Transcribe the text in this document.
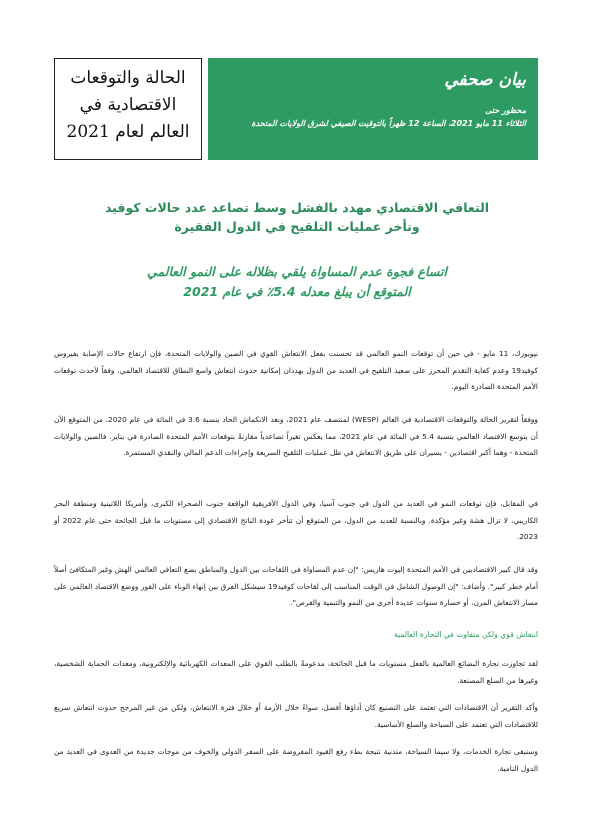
بيان صحفي
محظور حتى
الثلاثاء 11 مايو 2021، الساعة 12 ظهراً بالتوقيت الصيفي لشرق الولايات المتحدة
الحالة والتوقعات
الاقتصادية في
العالم لعام 2021
التعافي الاقتصادي مهدد بالفشل وسط تصاعد عدد حالات كوفيد
وتأخر عمليات التلقيح في الدول الفقيرة
اتساع فجوة عدم المساواة يلقي بظلاله على النمو العالمي
المتوقع أن يبلغ معدله 5.4٪ في عام 2021

نيويورك، 11 مايو - في حين أن توقعات النمو العالمي قد تحسنت بفعل الانتعاش القوي في الصين والولايات المتحدة، فإن ارتفاع حالات الإصابة بفيروس كوفيد19 وعدم كفاية التقدم المحرز على صعيد التلقيح في العديد من الدول يهددان إمكانية حدوث انتعاش واسع النطاق للاقتصاد العالمي، وفقاً لأحدث توقعات الأمم المتحدة الصادرة اليوم.

ووفقاً لتقرير الحالة والتوقعات الاقتصادية في العالم (WESP) لمنتصف عام 2021، وبعد الانكماش الحاد بنسبة 3.6 في المائة في عام 2020، من المتوقع الآن أن يتوسع الاقتصاد العالمي بنسبة 5.4 في المائة في عام 2021، مما يعكس تغيراً تصاعدياً مقارنةً بتوقعات الأمم المتحدة الصادرة في يناير. فالصين والولايات المتحدة - وهما أكبر اقتصادين - يسيران على طريق الانتعاش في ظل عمليات التلقيح السريعة وإجراءات الدعم المالي والنقدي المستمرة.

في المقابل، فإن توقعات النمو في العديد من الدول في جنوب آسيا، وفي الدول الأفريقية الواقعة جنوب الصحراء الكبرى، وأمريكا اللاتينية ومنطقة البحر الكاريبي، لا تزال هشة وغير مؤكدة. وبالنسبة للعديد من الدول، من المتوقع أن تتأخر عودة الناتج الاقتصادي إلى مستويات ما قبل الجائحة حتى عام 2022 أو 2023.

وقد قال كبير الاقتصاديين في الأمم المتحدة إليوت هاريس: "إن عدم المساواة في اللقاحات بين الدول والمناطق يضع التعافي العالمي الهش وغير المتكافئ أصلاً أمام خطر كبير". وأضاف: "إن الوصول الشامل في الوقت المناسب إلى لقاحات كوفيد19 سيشكل الفرق بين إنهاء الوباء على الفور ووضع الاقتصاد العالمي على مسار الانتعاش المرن، أو خسارة سنوات عديدة أخرى من النمو والتنمية والفرص".

انتعاش قوي ولكن متفاوت في التجارة العالمية

لقد تجاوزت تجارة البضائع العالمية بالفعل مستويات ما قبل الجائحة، مدعومةً بالطلب القوي على المعدات الكهربائية والإلكترونية، ومعدات الحماية الشخصية، وغيرها من السلع المصنعة.

وأكد التقرير أن الاقتصادات التي تعتمد على التصنيع كان أداؤها أفضل، سواءً خلال الأزمة أو خلال فترة الانتعاش، ولكن من غير المرجح حدوث انتعاش سريع للاقتصادات التي تعتمد على السياحة والسلع الأساسية.

وستبقى تجارة الخدمات، ولا سيما السياحة، متدنية نتيجة بطء رفع القيود المفروضة على السفر الدولي والخوف من موجات جديدة من العدوى في العديد من الدول النامية.
